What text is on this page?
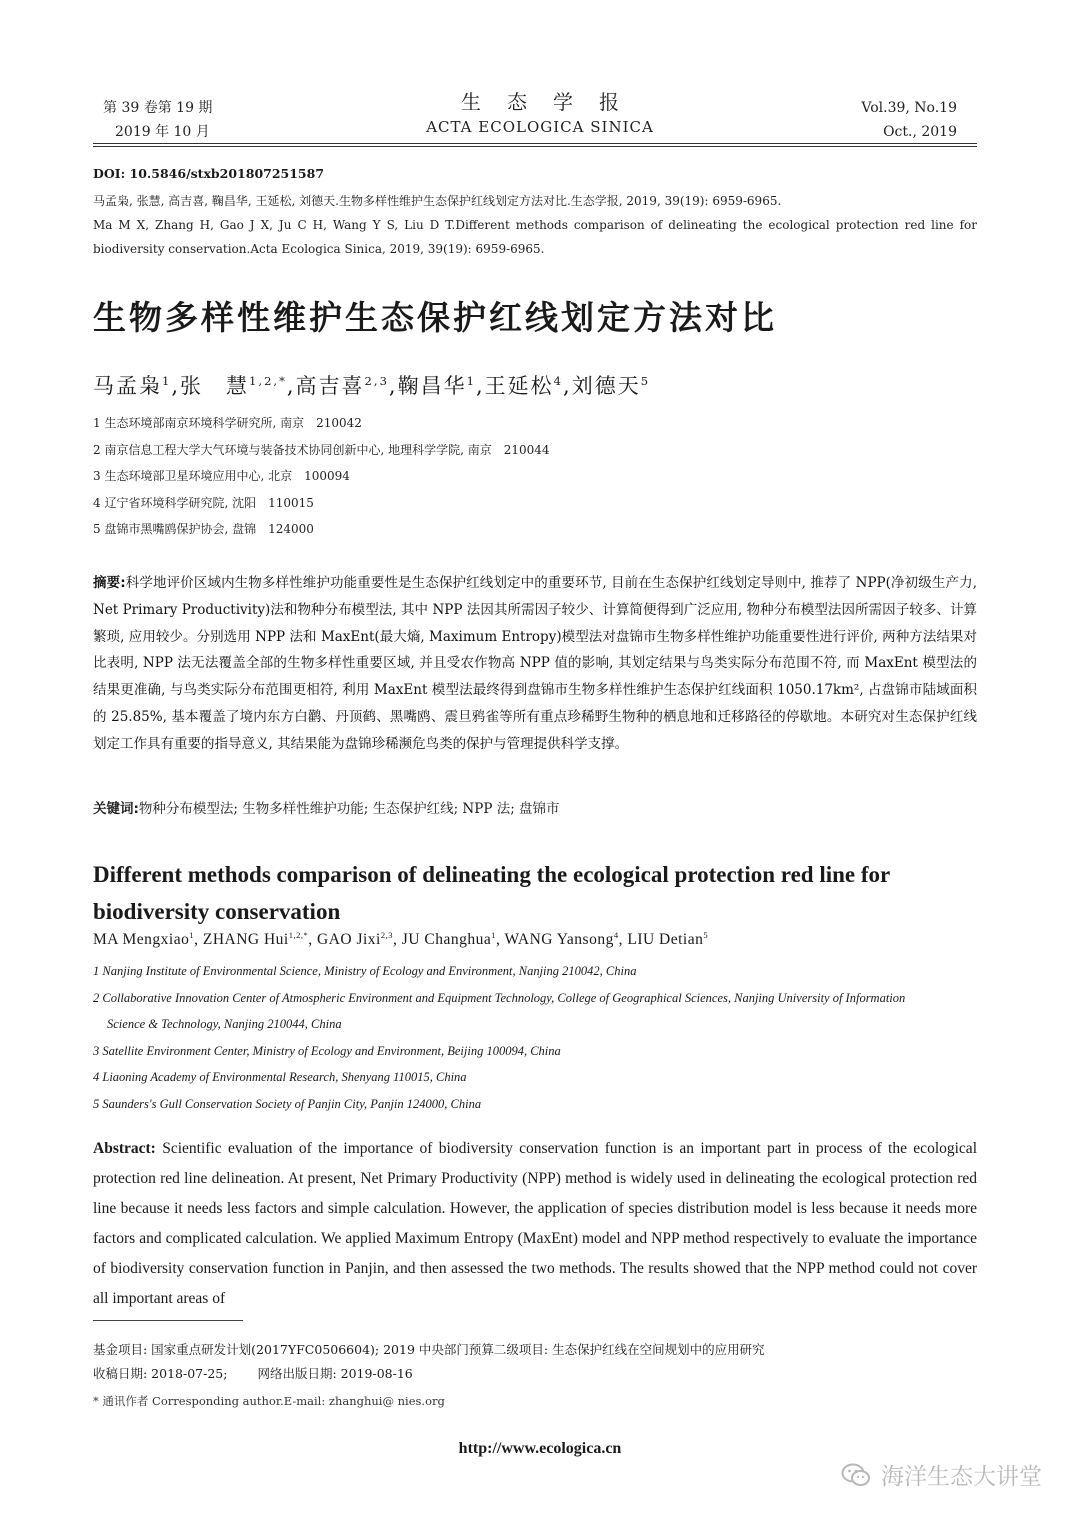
第 39 卷第 19 期
2019 年 10 月
生态学报
ACTA ECOLOGICA SINICA
Vol.39, No.19
Oct., 2019
DOI: 10.5846/stxb201807251587
马孟枭, 张慧, 高吉喜, 鞠昌华, 王延松, 刘德天.生物多样性维护生态保护红线划定方法对比.生态学报, 2019, 39(19): 6959-6965.
Ma M X, Zhang H, Gao J X, Ju C H, Wang Y S, Liu D T.Different methods comparison of delineating the ecological protection red line for biodiversity conservation.Acta Ecologica Sinica, 2019, 39(19): 6959-6965.
生物多样性维护生态保护红线划定方法对比
马孟枭$^1$,张　慧$^{1,2,*}$,高吉喜$^{2,3}$,鞠昌华$^1$,王延松$^4$,刘德天$^5$
1 生态环境部南京环境科学研究所, 南京　210042
2 南京信息工程大学大气环境与装备技术协同创新中心, 地理科学学院, 南京　210044
3 生态环境部卫星环境应用中心, 北京　100094
4 辽宁省环境科学研究院, 沈阳　110015
5 盘锦市黑嘴鸥保护协会, 盘锦　124000
摘要:科学地评价区域内生物多样性维护功能重要性是生态保护红线划定中的重要环节, 目前在生态保护红线划定导则中, 推荐了 NPP(净初级生产力, Net Primary Productivity)法和物种分布模型法, 其中 NPP 法因其所需因子较少、计算简便得到广泛应用, 物种分布模型法因所需因子较多、计算繁琐, 应用较少。分别选用 NPP 法和 MaxEnt(最大熵, Maximum Entropy)模型法对盘锦市生物多样性维护功能重要性进行评价, 两种方法结果对比表明, NPP 法无法覆盖全部的生物多样性重要区域, 并且受农作物高 NPP 值的影响, 其划定结果与鸟类实际分布范围不符, 而 MaxEnt 模型法的结果更准确, 与鸟类实际分布范围更相符, 利用 MaxEnt 模型法最终得到盘锦市生物多样性维护生态保护红线面积 1050.17km², 占盘锦市陆域面积的 25.85%, 基本覆盖了境内东方白鹳、丹顶鹤、黑嘴鸥、震旦鸦雀等所有重点珍稀野生物种的栖息地和迁移路径的停歇地。本研究对生态保护红线划定工作具有重要的指导意义, 其结果能为盘锦珍稀濒危鸟类的保护与管理提供科学支撑。
关键词:物种分布模型法; 生物多样性维护功能; 生态保护红线; NPP 法; 盘锦市
Different methods comparison of delineating the ecological protection red line for biodiversity conservation
MA Mengxiao$^1$, ZHANG Hui$^{1,2,*}$, GAO Jixi$^{2,3}$, JU Changhua$^1$, WANG Yansong$^4$, LIU Detian$^5$
1 Nanjing Institute of Environmental Science, Ministry of Ecology and Environment, Nanjing 210042, China
2 Collaborative Innovation Center of Atmospheric Environment and Equipment Technology, College of Geographical Sciences, Nanjing University of Information
Science & Technology, Nanjing 210044, China
3 Satellite Environment Center, Ministry of Ecology and Environment, Beijing 100094, China
4 Liaoning Academy of Environmental Research, Shenyang 110015, China
5 Saunders's Gull Conservation Society of Panjin City, Panjin 124000, China
Abstract: Scientific evaluation of the importance of biodiversity conservation function is an important part in process of the ecological protection red line delineation. At present, Net Primary Productivity (NPP) method is widely used in delineating the ecological protection red line because it needs less factors and simple calculation. However, the application of species distribution model is less because it needs more factors and complicated calculation. We applied Maximum Entropy (MaxEnt) model and NPP method respectively to evaluate the importance of biodiversity conservation function in Panjin, and then assessed the two methods. The results showed that the NPP method could not cover all important areas of
基金项目: 国家重点研发计划(2017YFC0506604); 2019 中央部门预算二级项目: 生态保护红线在空间规划中的应用研究
收稿日期: 2018-07-25; 网络出版日期: 2019-08-16
* 通讯作者 Corresponding author.E-mail: zhanghui@ nies.org
http://www.ecologica.cn
海洋生态大讲堂
